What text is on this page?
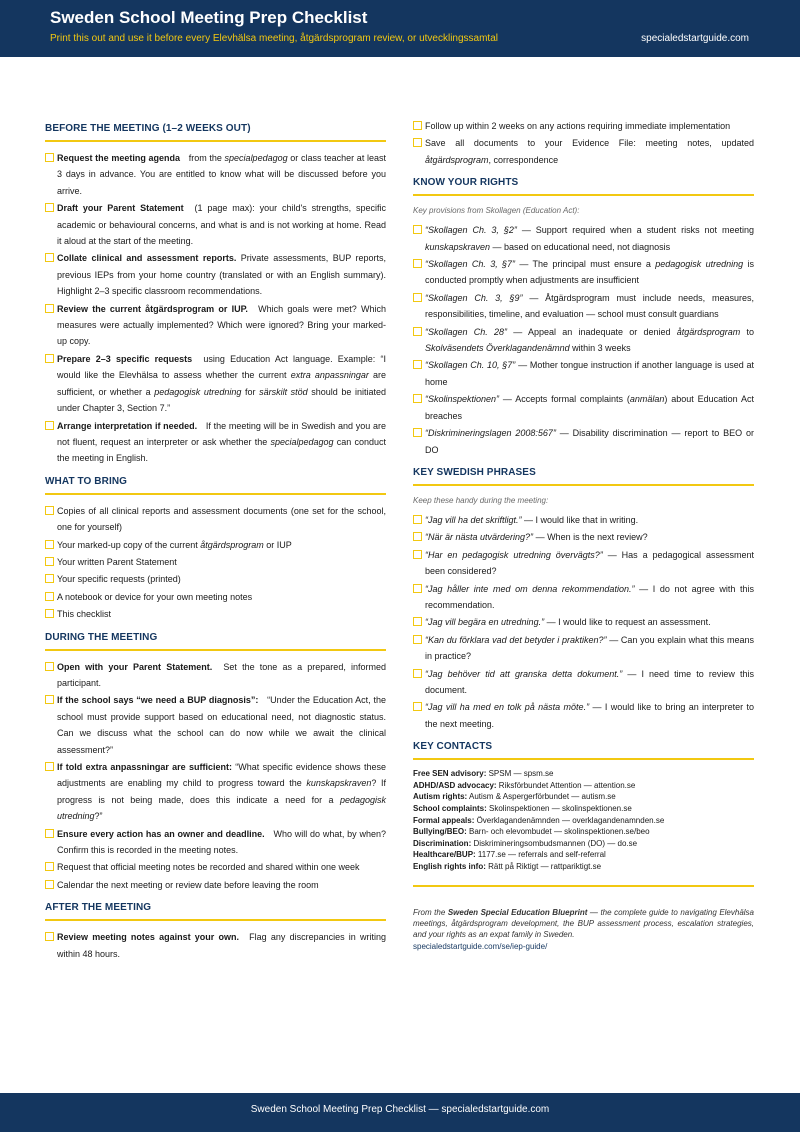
Sweden School Meeting Prep Checklist
Print this out and use it before every Elevhälsa meeting, åtgärdsprogram review, or utvecklingssamtal	specialedstartguide.com
BEFORE THE MEETING (1–2 WEEKS OUT)
Request the meeting agenda from the specialpedagog or class teacher at least 3 days in advance. You are entitled to know what will be discussed before you arrive.
Draft your Parent Statement (1 page max): your child's strengths, specific academic or behavioural concerns, and what is and is not working at home. Read it aloud at the start of the meeting.
Collate clinical and assessment reports. Private assessments, BUP reports, previous IEPs from your home country (translated or with an English summary). Highlight 2–3 specific classroom recommendations.
Review the current åtgärdsprogram or IUP. Which goals were met? Which measures were actually implemented? Which were ignored? Bring your marked-up copy.
Prepare 2–3 specific requests using Education Act language. Example: “I would like the Elevhälsa to assess whether the current extra anpassningar are sufficient, or whether a pedagogisk utredning for särskilt stöd should be initiated under Chapter 3, Section 7.”
Arrange interpretation if needed. If the meeting will be in Swedish and you are not fluent, request an interpreter or ask whether the specialpedagog can conduct the meeting in English.
WHAT TO BRING
Copies of all clinical reports and assessment documents (one set for the school, one for yourself)
Your marked-up copy of the current åtgärdsprogram or IUP
Your written Parent Statement
Your specific requests (printed)
A notebook or device for your own meeting notes
This checklist
DURING THE MEETING
Open with your Parent Statement. Set the tone as a prepared, informed participant.
If the school says “we need a BUP diagnosis”: “Under the Education Act, the school must provide support based on educational need, not diagnostic status. Can we discuss what the school can do now while we await the clinical assessment?”
If told extra anpassningar are sufficient: “What specific evidence shows these adjustments are enabling my child to progress toward the kunskapskraven? If progress is not being made, does this indicate a need for a pedagogisk utredning?”
Ensure every action has an owner and deadline. Who will do what, by when? Confirm this is recorded in the meeting notes.
Request that official meeting notes be recorded and shared within one week
Calendar the next meeting or review date before leaving the room
AFTER THE MEETING
Review meeting notes against your own. Flag any discrepancies in writing within 48 hours.
Follow up within 2 weeks on any actions requiring immediate implementation
Save all documents to your Evidence File: meeting notes, updated åtgärdsprogram, correspondence
KNOW YOUR RIGHTS
Key provisions from Skollagen (Education Act):
“Skollagen Ch. 3, §2” — Support required when a student risks not meeting kunskapskraven — based on educational need, not diagnosis
“Skollagen Ch. 3, §7” — The principal must ensure a pedagogisk utredning is conducted promptly when adjustments are insufficient
“Skollagen Ch. 3, §9” — Åtgärdsprogram must include needs, measures, responsibilities, timeline, and evaluation — school must consult guardians
“Skollagen Ch. 28” — Appeal an inadequate or denied åtgärdsprogram to Skolväsendets Överklagandenämnd within 3 weeks
“Skollagen Ch. 10, §7” — Mother tongue instruction if another language is used at home
“Skolinspektionen” — Accepts formal complaints (anmälan) about Education Act breaches
“Diskrimineringslagen 2008:567” — Disability discrimination — report to BEO or DO
KEY SWEDISH PHRASES
Keep these handy during the meeting:
“Jag vill ha det skriftligt.” — I would like that in writing.
“När är nästa utvärdering?” — When is the next review?
“Har en pedagogisk utredning övervägts?” — Has a pedagogical assessment been considered?
“Jag håller inte med om denna rekommendation.” — I do not agree with this recommendation.
“Jag vill begära en utredning.” — I would like to request an assessment.
“Kan du förklara vad det betyder i praktiken?” — Can you explain what this means in practice?
“Jag behöver tid att granska detta dokument.” — I need time to review this document.
“Jag vill ha med en tolk på nästa möte.” — I would like to bring an interpreter to the next meeting.
KEY CONTACTS
Free SEN advisory: SPSM — spsm.se
ADHD/ASD advocacy: Riksförbundet Attention — attention.se
Autism rights: Autism & Aspergerförbundet — autism.se
School complaints: Skolinspektionen — skolinspektionen.se
Formal appeals: Överklagandenämnden — overklagandenamnden.se
Bullying/BEO: Barn- och elevombudet — skolinspektionen.se/beo
Discrimination: Diskrimineringsombudsmannen (DO) — do.se
Healthcare/BUP: 1177.se — referrals and self-referral
English rights info: Rätt på Riktigt — rattpariktigt.se
From the Sweden Special Education Blueprint — the complete guide to navigating Elevhälsa meetings, åtgärdsprogram development, the BUP assessment process, escalation strategies, and your rights as an expat family in Sweden.
specialedstartguide.com/se/iep-guide/
Sweden School Meeting Prep Checklist — specialedstartguide.com
